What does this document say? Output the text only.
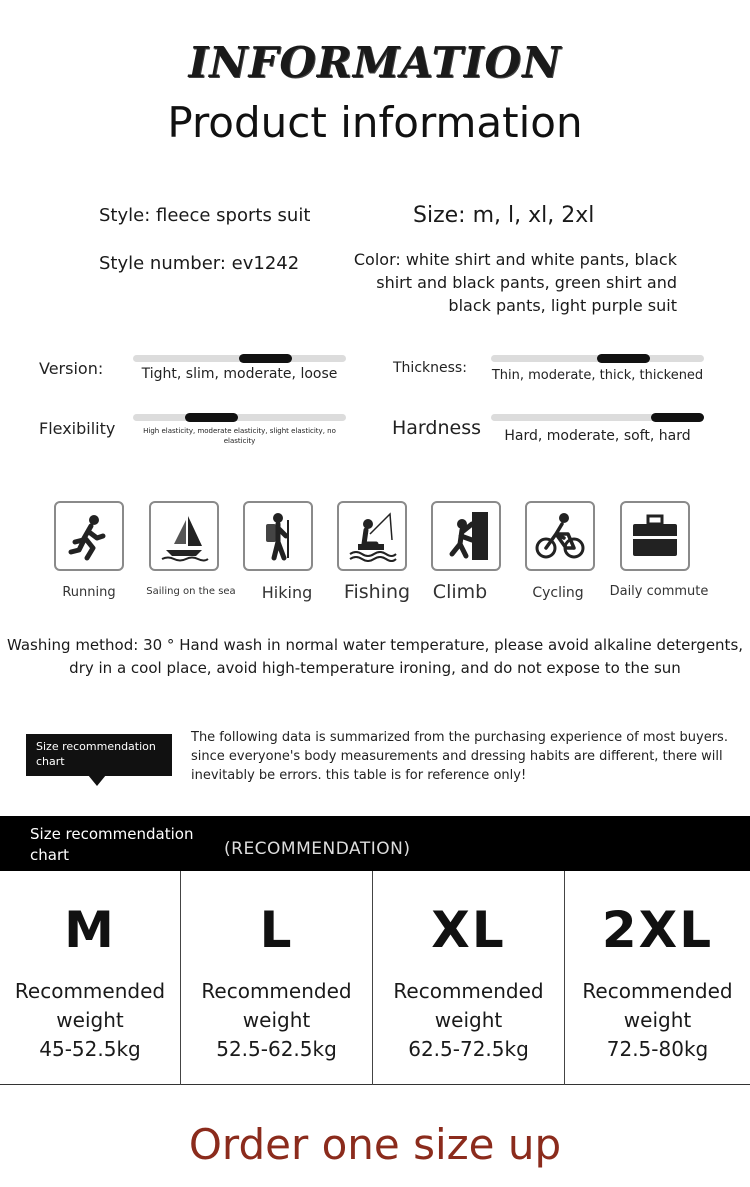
INFORMATION
Product information
Style: fleece sports suit	Size: m, l, xl, 2xl
Style number: ev1242	Color: white shirt and white pants, black shirt and black pants, green shirt and black pants, light purple suit
Version:	Tight, slim, moderate, loose	Thickness: Thin, moderate, thick, thickened
Flexibility	High elasticity, moderate elasticity, slight elasticity, no elasticity
Hardness	Hard, moderate, soft, hard
Running	Sailing on the sea	Hiking	Fishing	Climb	Cycling	Daily commute
Washing method: 30 ° Hand wash in normal water temperature, please avoid alkaline detergents, dry in a cool place, avoid high-temperature ironing, and do not expose to the sun
Size recommendation chart
The following data is summarized from the purchasing experience of most buyers. since everyone's body measurements and dressing habits are different, there will inevitably be errors. this table is for reference only!
Size recommendation chart	(RECOMMENDATION)
M
Recommended
weight
45-52.5kg
L
Recommended
weight
52.5-62.5kg
XL
Recommended
weight
62.5-72.5kg
2XL
Recommended
weight
72.5-80kg
Order one size up
